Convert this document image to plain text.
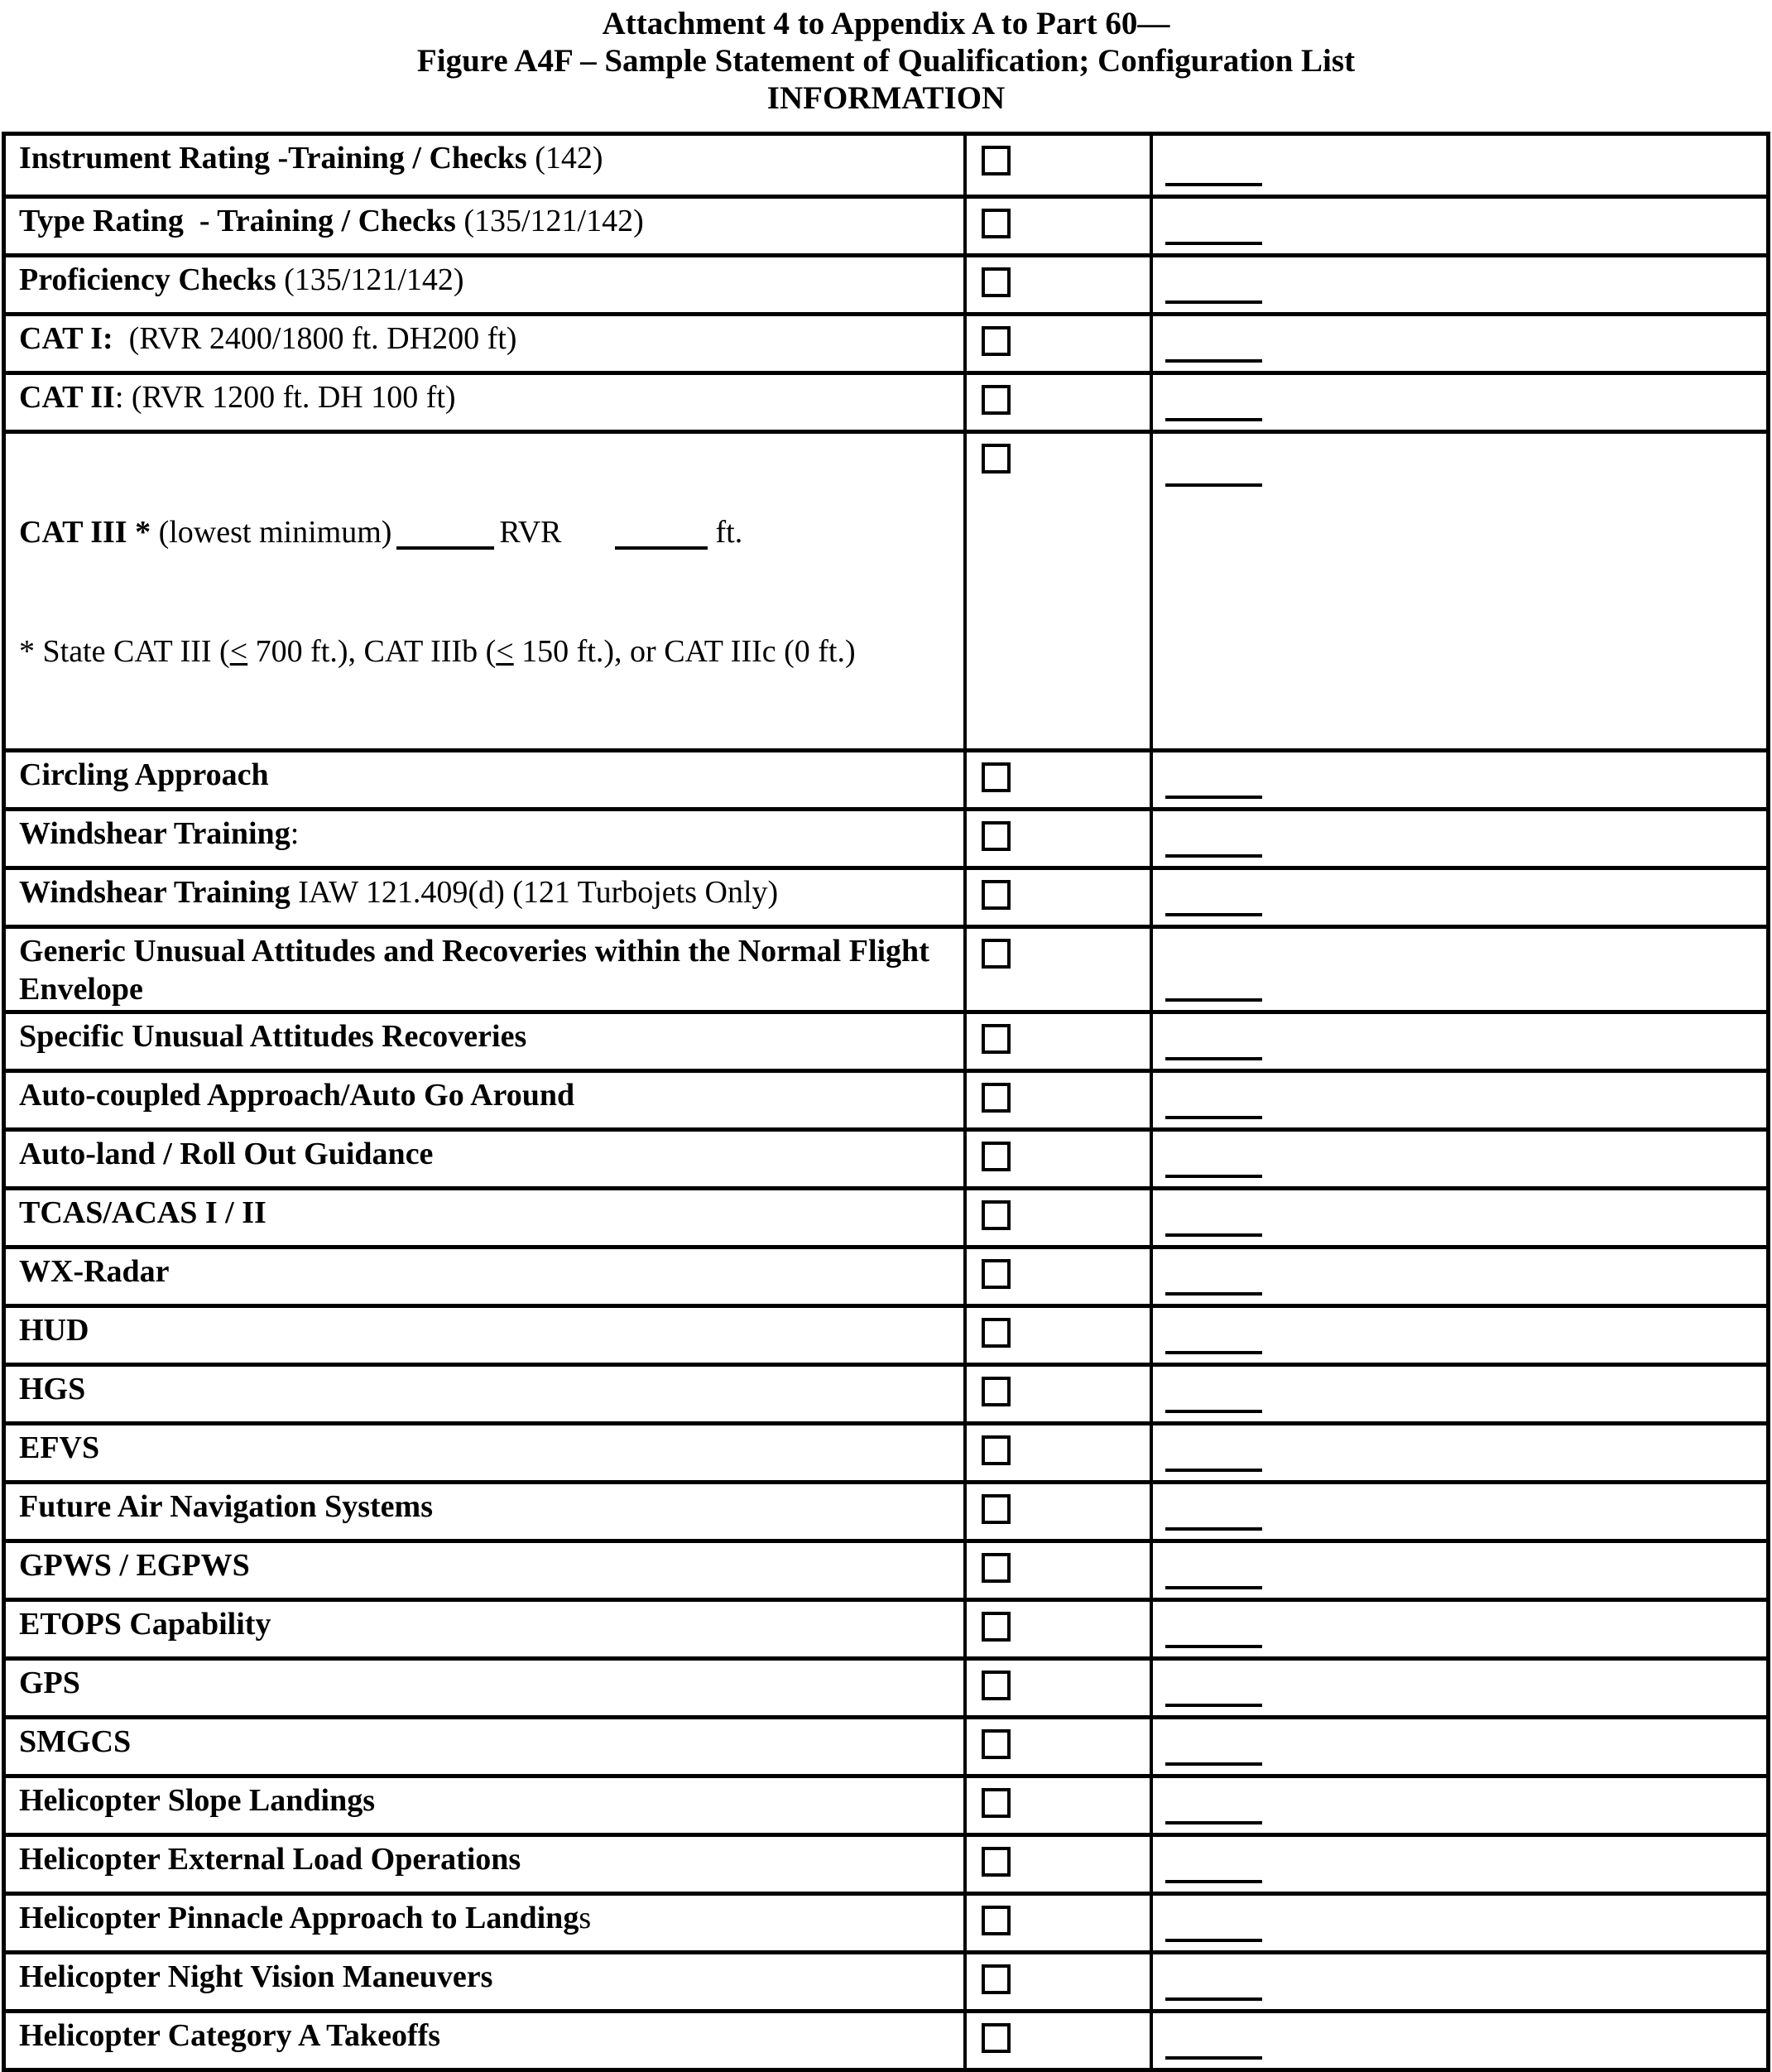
Attachment 4 to Appendix A to Part 60—
Figure A4F – Sample Statement of Qualification; Configuration List
INFORMATION
Instrument Rating -Training / Checks (142)
Type Rating  - Training / Checks (135/121/142)
Proficiency Checks (135/121/142)
CAT I:  (RVR 2400/1800 ft. DH200 ft)
CAT II: (RVR 1200 ft. DH 100 ft)

CAT III * (lowest minimum)	RVR	ft.

* State CAT III (≤ 700 ft.), CAT IIIb (≤ 150 ft.), or CAT IIIc (0 ft.)

Circling Approach
Windshear Training:
Windshear Training IAW 121.409(d) (121 Turbojets Only)
Generic Unusual Attitudes and Recoveries within the Normal Flight
Envelope
Specific Unusual Attitudes Recoveries
Auto-coupled Approach/Auto Go Around
Auto-land / Roll Out Guidance
TCAS/ACAS I / II
WX-Radar
HUD
HGS
EFVS
Future Air Navigation Systems
GPWS / EGPWS
ETOPS Capability
GPS
SMGCS
Helicopter Slope Landings
Helicopter External Load Operations
Helicopter Pinnacle Approach to Landings
Helicopter Night Vision Maneuvers
Helicopter Category A Takeoffs
